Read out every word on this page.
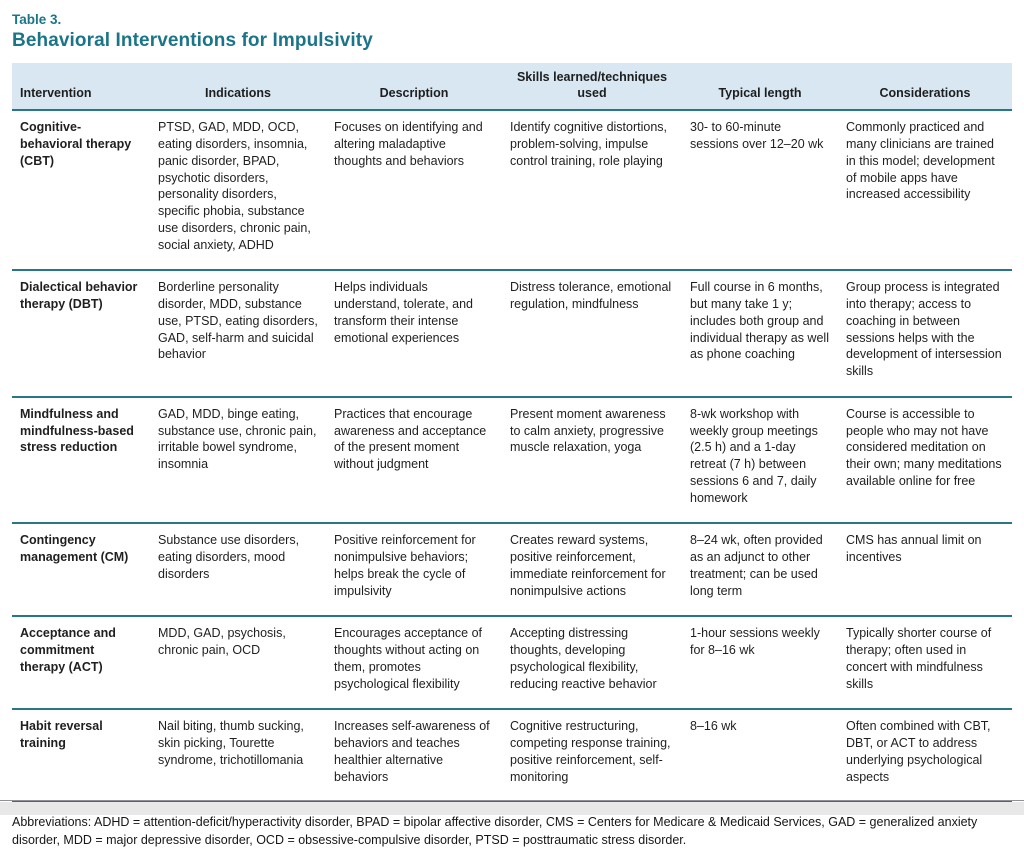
Table 3.
Behavioral Interventions for Impulsivity
Intervention	Indications	Description	Skills learned/techniques used	Typical length	Considerations
Cognitive-behavioral therapy (CBT)	PTSD, GAD, MDD, OCD, eating disorders, insomnia, panic disorder, BPAD, psychotic disorders, personality disorders, specific phobia, substance use disorders, chronic pain, social anxiety, ADHD	Focuses on identifying and altering maladaptive thoughts and behaviors	Identify cognitive distortions, problem-solving, impulse control training, role playing	30- to 60-minute sessions over 12–20 wk	Commonly practiced and many clinicians are trained in this model; development of mobile apps have increased accessibility
Dialectical behavior therapy (DBT)	Borderline personality disorder, MDD, substance use, PTSD, eating disorders, GAD, self-harm and suicidal behavior	Helps individuals understand, tolerate, and transform their intense emotional experiences	Distress tolerance, emotional regulation, mindfulness	Full course in 6 months, but many take 1 y; includes both group and individual therapy as well as phone coaching	Group process is integrated into therapy; access to coaching in between sessions helps with the development of intersession skills
Mindfulness and mindfulness-based stress reduction	GAD, MDD, binge eating, substance use, chronic pain, irritable bowel syndrome, insomnia	Practices that encourage awareness and acceptance of the present moment without judgment	Present moment awareness to calm anxiety, progressive muscle relaxation, yoga	8-wk workshop with weekly group meetings (2.5 h) and a 1-day retreat (7 h) between sessions 6 and 7, daily homework	Course is accessible to people who may not have considered meditation on their own; many meditations available online for free
Contingency management (CM)	Substance use disorders, eating disorders, mood disorders	Positive reinforcement for nonimpulsive behaviors; helps break the cycle of impulsivity	Creates reward systems, positive reinforcement, immediate reinforcement for nonimpulsive actions	8–24 wk, often provided as an adjunct to other treatment; can be used long term	CMS has annual limit on incentives
Acceptance and commitment therapy (ACT)	MDD, GAD, psychosis, chronic pain, OCD	Encourages acceptance of thoughts without acting on them, promotes psychological flexibility	Accepting distressing thoughts, developing psychological flexibility, reducing reactive behavior	1-hour sessions weekly for 8–16 wk	Typically shorter course of therapy; often used in concert with mindfulness skills
Habit reversal training	Nail biting, thumb sucking, skin picking, Tourette syndrome, trichotillomania	Increases self-awareness of behaviors and teaches healthier alternative behaviors	Cognitive restructuring, competing response training, positive reinforcement, self-monitoring	8–16 wk	Often combined with CBT, DBT, or ACT to address underlying psychological aspects

Abbreviations: ADHD = attention-deficit/hyperactivity disorder, BPAD = bipolar affective disorder, CMS = Centers for Medicare & Medicaid Services, GAD = generalized anxiety disorder, MDD = major depressive disorder, OCD = obsessive-compulsive disorder, PTSD = posttraumatic stress disorder.
